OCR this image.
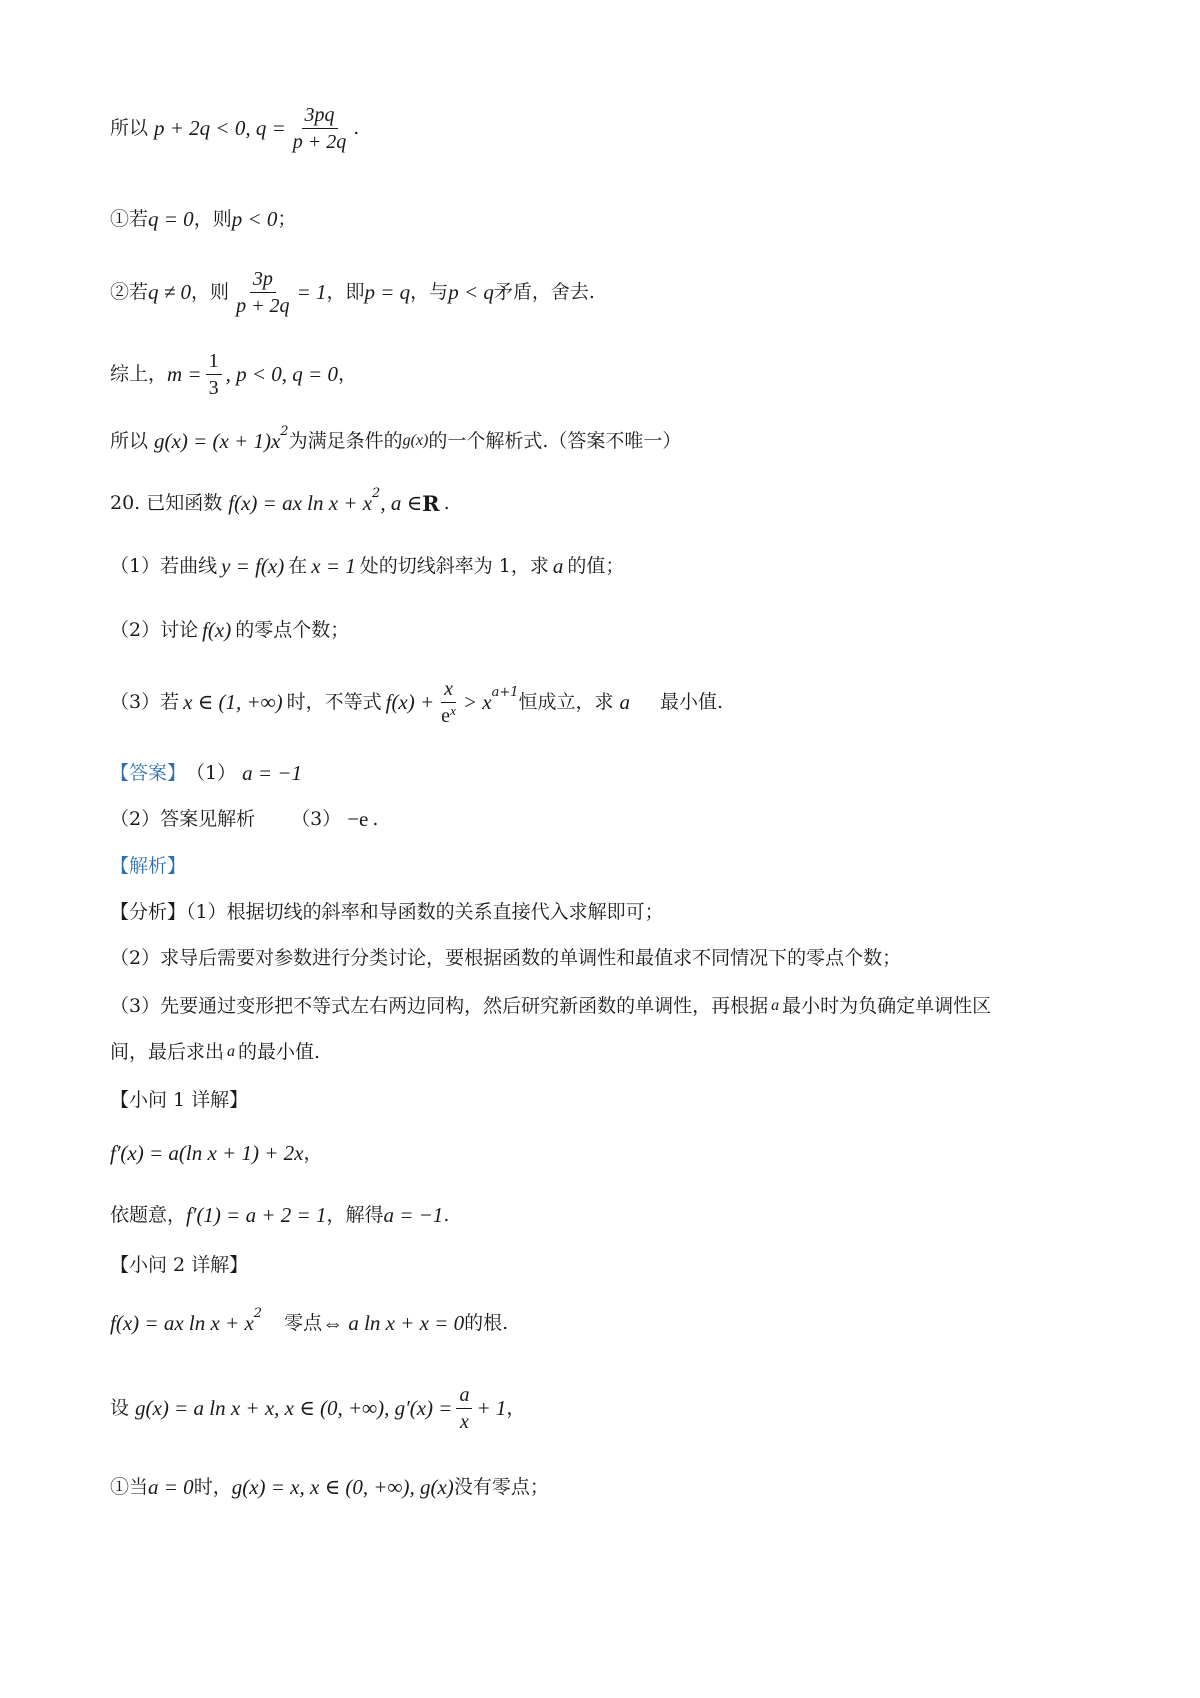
所以 p + 2q < 0, $q = \frac{3pq}{p + 2q}$ .
①若 q = 0 ，则 p < 0 ；
②若 q ≠ 0 ，则 $\frac{3p}{p + 2q} = 1$ ，即 p = q ，与 p < q 矛盾，舍去.
综上， $m = \frac{1}{3}$ , p < 0, q = 0 ，
所以 g(x) = (x + 1)x 2 为满足条件的 g(x) 的一个解析式.（答案不唯一）
20. 已知函数 f(x) = ax ln x + x 2 , a ∈ R .
（1）若曲线 y = f(x) 在 x = 1 处的切线斜率为 1，求 a 的值；
（2）讨论 f(x) 的零点个数；
（3）若 x ∈ (1, +∞) 时，不等式 $f(x) + \frac{x}{e^x} > x$ a+1 恒成立，求 a 最小值.
【答案】 （1） a = −1
（2）答案见解析 （3） −e .
【解析】
【分析】（1）根据切线的斜率和导函数的关系直接代入求解即可；
（2）求导后需要对参数进行分类讨论，要根据函数的单调性和最值求不同情况下的零点个数；
（3）先要通过变形把不等式左右两边同构，然后研究新函数的单调性，再根据 a 最小时为负确定单调性区
间，最后求出 a 的最小值.
【小问 1 详解】
f′(x) = a(ln x + 1) + 2x ，
依题意， f′(1) = a + 2 = 1 ，解得 a = −1 .
【小问 2 详解】
f(x) = ax ln x + x 2 零点 ⇔ a ln x + x = 0 的根.
设 g(x) = a ln x + x, x ∈ (0, +∞), $g'(x) = \frac{a}{x} + 1$ ，
①当 a = 0 时， g(x) = x, x ∈ (0, +∞), g(x) 没有零点；
